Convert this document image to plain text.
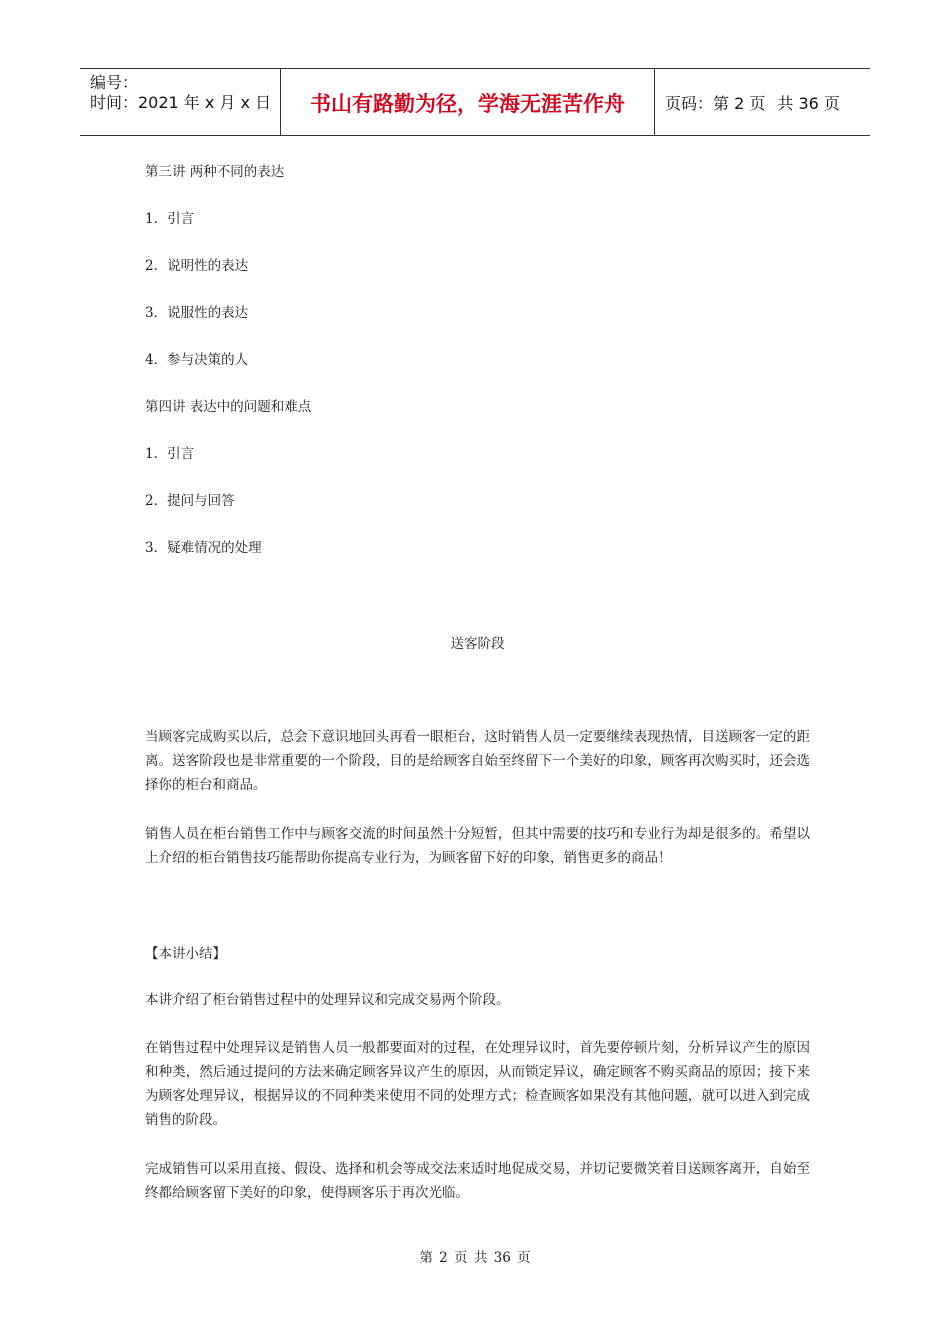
编号：
时间：2021 年 x 月 x 日	书山有路勤为径，学海无涯苦作舟	页码：第 2 页 共 36 页
第三讲 两种不同的表达
1．引言
2．说明性的表达
3．说服性的表达
4．参与决策的人
第四讲 表达中的问题和难点
1．引言
2．提问与回答
3．疑难情况的处理
送客阶段

当顾客完成购买以后，总会下意识地回头再看一眼柜台，这时销售人员一定要继续表现热情，目送顾客一定的距离。送客阶段也是非常重要的一个阶段，目的是给顾客自始至终留下一个美好的印象，顾客再次购买时，还会选择你的柜台和商品。

销售人员在柜台销售工作中与顾客交流的时间虽然十分短暂，但其中需要的技巧和专业行为却是很多的。希望以上介绍的柜台销售技巧能帮助你提高专业行为，为顾客留下好的印象，销售更多的商品！

【本讲小结】

本讲介绍了柜台销售过程中的处理异议和完成交易两个阶段。

在销售过程中处理异议是销售人员一般都要面对的过程，在处理异议时，首先要停顿片刻，分析异议产生的原因和种类，然后通过提问的方法来确定顾客异议产生的原因，从而锁定异议，确定顾客不购买商品的原因；接下来为顾客处理异议，根据异议的不同种类来使用不同的处理方式；检查顾客如果没有其他问题，就可以进入到完成销售的阶段。

完成销售可以采用直接、假设、选择和机会等成交法来适时地促成交易，并切记要微笑着目送顾客离开，自始至终都给顾客留下美好的印象，使得顾客乐于再次光临。

第 2 页 共 36 页
